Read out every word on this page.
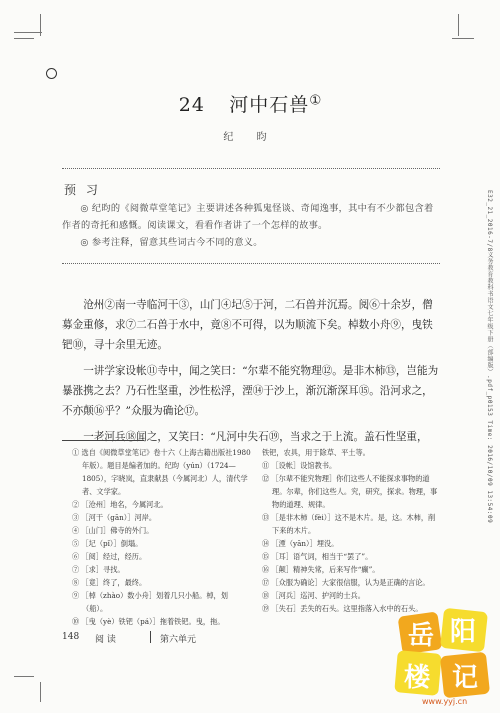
24 河中石兽①
纪 昀
预 习

◎ 纪昀的《阅微草堂笔记》主要讲述各种狐鬼怪谈、奇闻逸事，其中有不少都包含着作者的奇托和感慨。阅读课文，看看作者讲了一个怎样的故事。

◎ 参考注释，留意其些词古今不同的意义。

沧州②南一寺临河干③，山门④圮⑤于河，二石兽并沉焉。阅⑥十余岁，僧募金重修，求⑦二石兽于水中，竟⑧不可得，以为顺流下矣。棹数小舟⑨，曳铁钯⑩，寻十余里无迹。

一讲学家设帐⑪寺中，闻之笑曰：“尔辈不能究物理⑫。是非木柿⑬，岂能为暴涨携之去？乃石性坚重，沙性松浮，湮⑭于沙上，渐沉渐深耳⑮。沿河求之，不亦颠⑯乎？”众服为确论⑰。

一老河兵⑱闻之，又笑曰：“凡河中失石⑲，当求之于上流。盖石性坚重，

① 选自《阅微草堂笔记》卷十六（上海古籍出版社1980年版）。题目是编者加的。纪昀（yún）（1724—1805），字晓岚，直隶献县（今属河北）人，清代学者、文学家。
② ［沧州］地名，今属河北。
③ ［河干（gān）］河岸。
④ ［山门］佛寺的外门。
⑤ ［圮（pǐ）］倒塌。
⑥ ［阅］经过，经历。
⑦ ［求］寻找。
⑧ ［竟］终了，最终。
⑨ ［棹（zhào）数小舟］划着几只小船。棹，划（船）。
⑩ ［曳（yè）铁钯（pá）］拖着铁钯。曳，拖。
铁钯，农具，用于除草、平土等。
⑪ ［设帐］设馆教书。
⑫ ［尔辈不能究物理］你们这些人不能探求事物的道理。尔辈，你们这些人。究，研究，探求。物理，事物的道理、规律。
⑬ ［是非木柿（fèi）］这不是木片。是，这。木柿，削下来的木片。
⑭ ［湮（yān）］埋没。
⑮ ［耳］语气词，相当于“罢了”。
⑯ ［颠］精神失常，后来写作“癫”。
⑰ ［众服为确论］大家很信服，认为是正确的言论。
⑱ ［河兵］巡河、护河的士兵。
⑲ ［失石］丢失的石头。这里指落入水中的石头。
148 阅 读	第六单元
E32_21_2016-7/8义务教育教科书语文七年级下册（部编版）.pdf_p0153 Time: 2016/10/09 13:54:09
岳 阳
楼 记
www.yyj.cn
